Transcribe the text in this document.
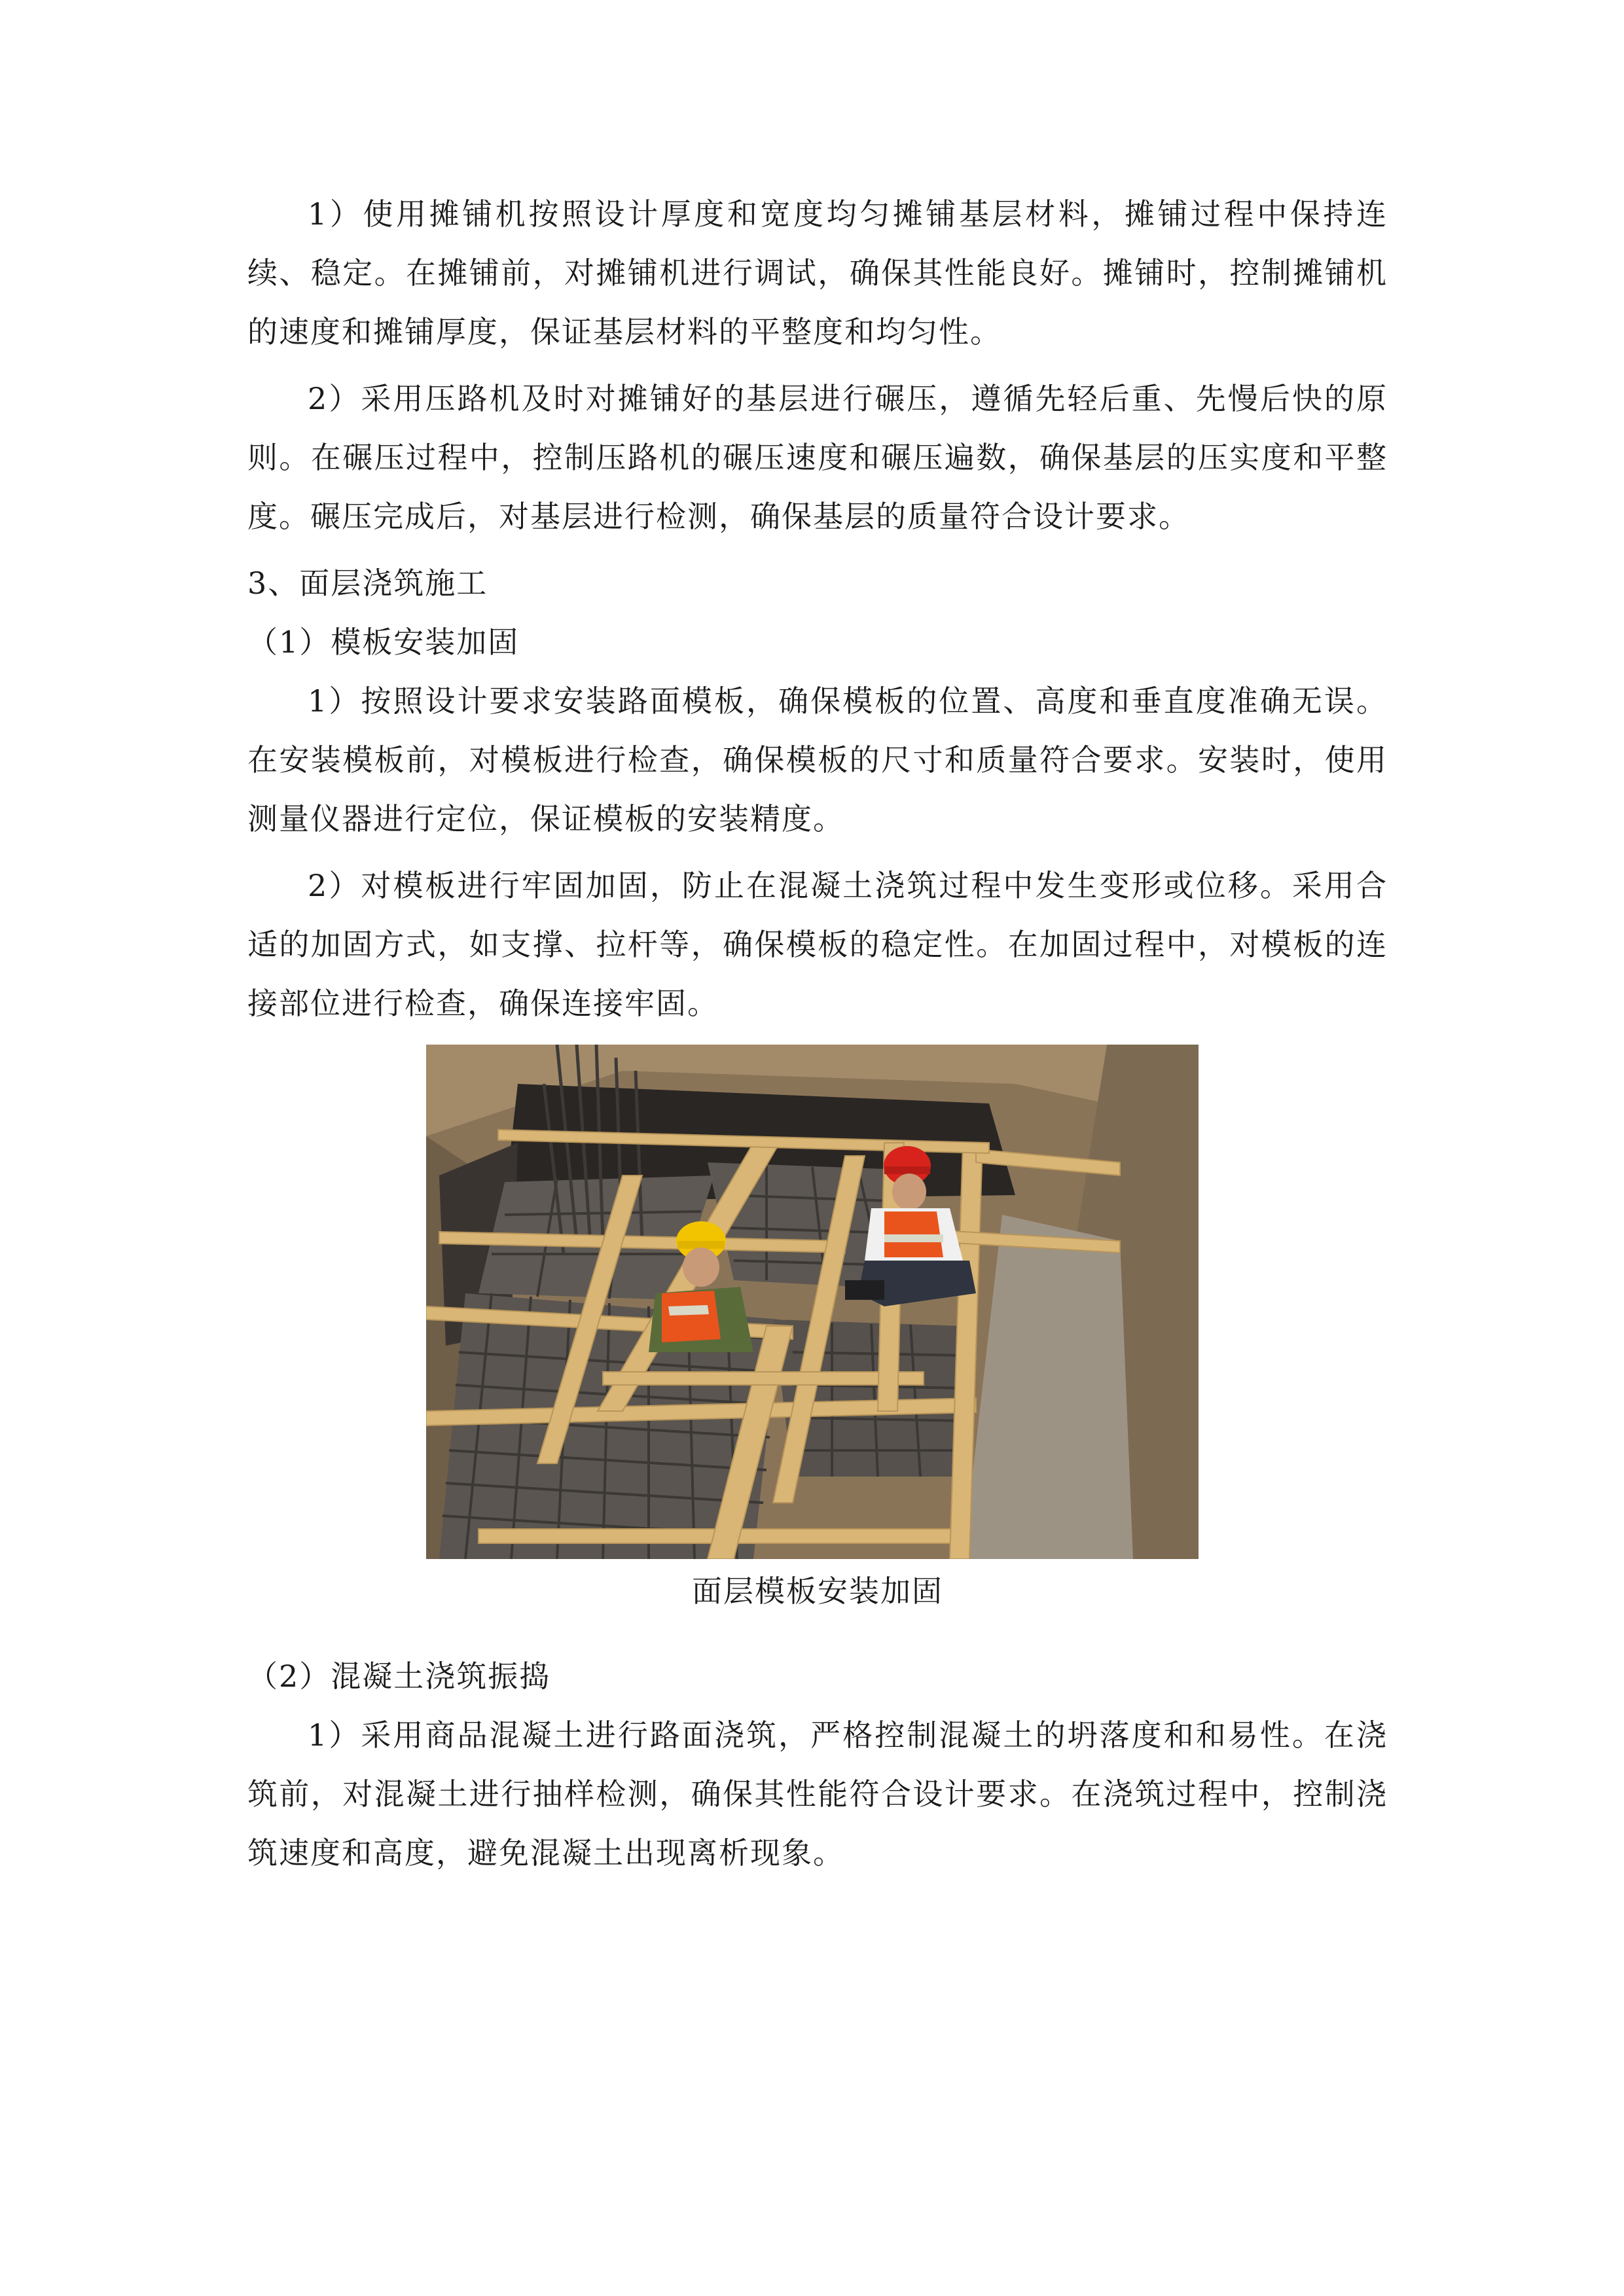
1）使用摊铺机按照设计厚度和宽度均匀摊铺基层材料，摊铺过程中保持连续、稳定。在摊铺前，对摊铺机进行调试，确保其性能良好。摊铺时，控制摊铺机的速度和摊铺厚度，保证基层材料的平整度和均匀性。

2）采用压路机及时对摊铺好的基层进行碾压，遵循先轻后重、先慢后快的原则。在碾压过程中，控制压路机的碾压速度和碾压遍数，确保基层的压实度和平整度。碾压完成后，对基层进行检测，确保基层的质量符合设计要求。

3、面层浇筑施工

（1）模板安装加固

1）按照设计要求安装路面模板，确保模板的位置、高度和垂直度准确无误。在安装模板前，对模板进行检查，确保模板的尺寸和质量符合要求。安装时，使用测量仪器进行定位，保证模板的安装精度。

2）对模板进行牢固加固，防止在混凝土浇筑过程中发生变形或位移。采用合适的加固方式，如支撑、拉杆等，确保模板的稳定性。在加固过程中，对模板的连接部位进行检查，确保连接牢固。

面层模板安装加固

（2）混凝土浇筑振捣

1）采用商品混凝土进行路面浇筑，严格控制混凝土的坍落度和和易性。在浇筑前，对混凝土进行抽样检测，确保其性能符合设计要求。在浇筑过程中，控制浇筑速度和高度，避免混凝土出现离析现象。
